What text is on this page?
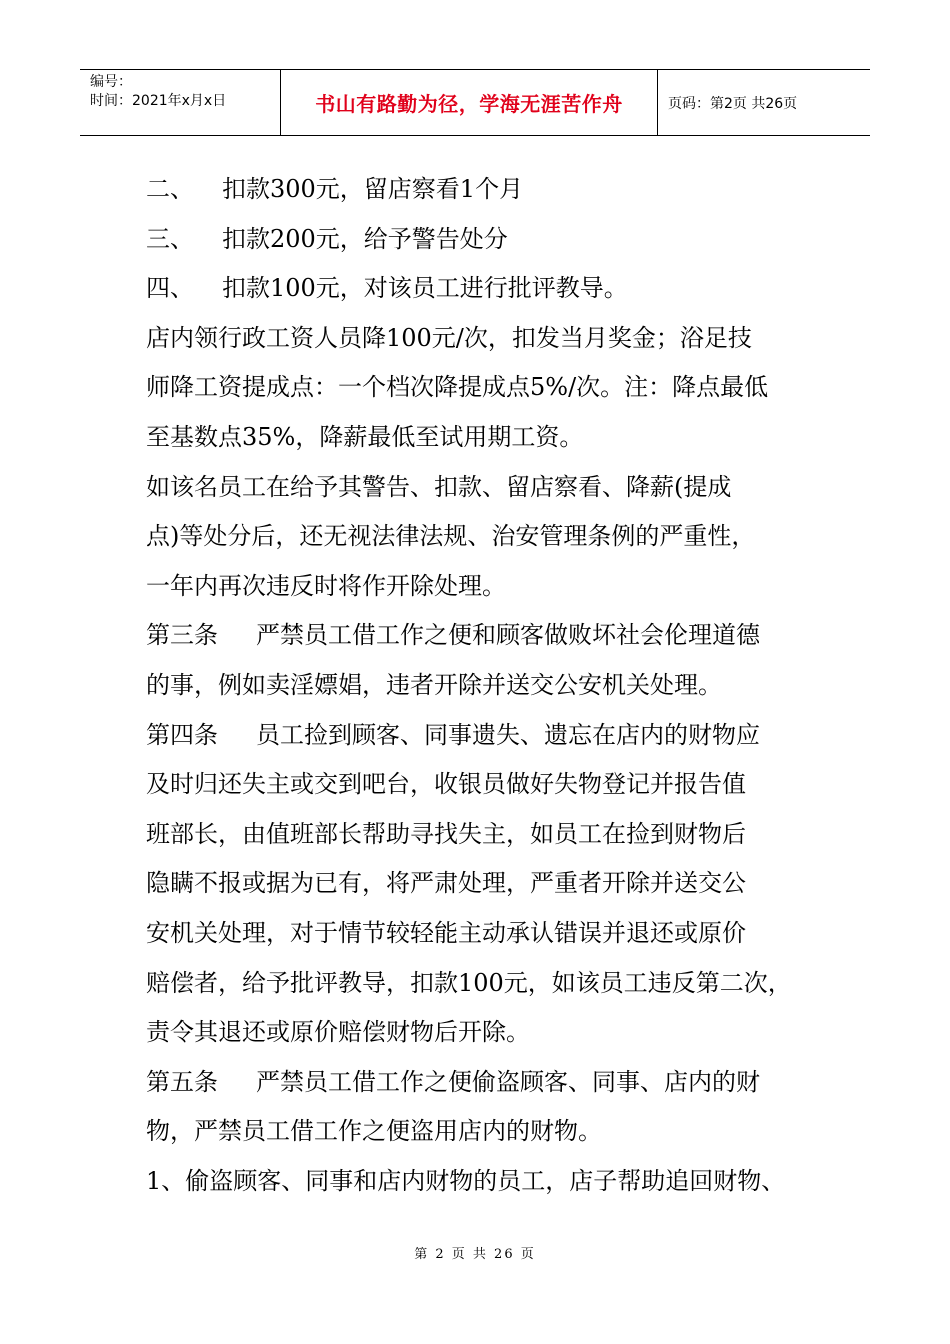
编号：
时间：2021年x月x日	书山有路勤为径，学海无涯苦作舟	页码：第2页 共26页
二、	扣款300元，留店察看1个月
三、	扣款200元，给予警告处分
四、	扣款100元，对该员工进行批评教导。
店内领行政工资人员降100元/次，扣发当月奖金；浴足技
师降工资提成点：一个档次降提成点5%/次。注：降点最低
至基数点35%，降薪最低至试用期工资。
如该名员工在给予其警告、扣款、留店察看、降薪(提成
点)等处分后，还无视法律法规、治安管理条例的严重性，
一年内再次违反时将作开除处理。
第三条 严禁员工借工作之便和顾客做败坏社会伦理道德
的事，例如卖淫嫖娼，违者开除并送交公安机关处理。
第四条 员工捡到顾客、同事遗失、遗忘在店内的财物应
及时归还失主或交到吧台，收银员做好失物登记并报告值
班部长，由值班部长帮助寻找失主，如员工在捡到财物后
隐瞒不报或据为已有，将严肃处理，严重者开除并送交公
安机关处理，对于情节较轻能主动承认错误并退还或原价
赔偿者，给予批评教导，扣款100元，如该员工违反第二次，
责令其退还或原价赔偿财物后开除。
第五条 严禁员工借工作之便偷盗顾客、同事、店内的财
物，严禁员工借工作之便盗用店内的财物。
1、偷盗顾客、同事和店内财物的员工，店子帮助追回财物、
第 2 页 共 26 页
